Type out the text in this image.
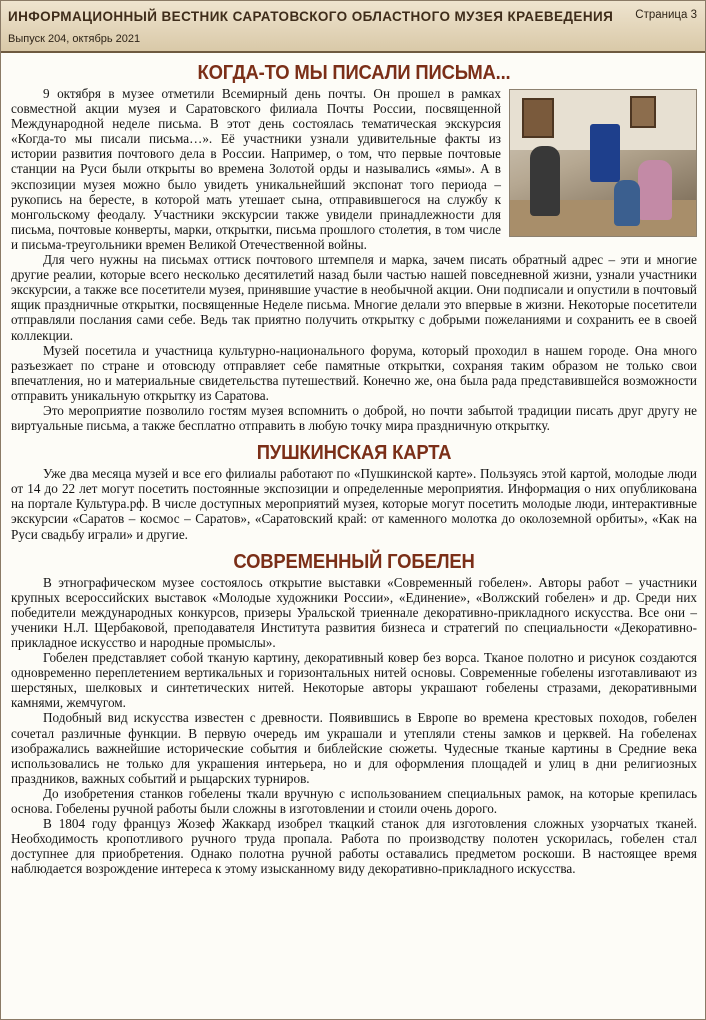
ИНФОРМАЦИОННЫЙ ВЕСТНИК САРАТОВСКОГО ОБЛАСТНОГО МУЗЕЯ КРАЕВЕДЕНИЯ
Выпуск 204, октябрь 2021
Страница 3
КОГДА-ТО МЫ ПИСАЛИ ПИСЬМА...

9 октября в музее отметили Всемирный день почты. Он прошел в рамках совместной акции музея и Саратовского филиала Почты России, посвященной Международной неделе письма. В этот день состоялась тематическая экскурсия «Когда-то мы писали письма…». Её участники узнали удивительные факты из истории развития почтового дела в России. Например, о том, что первые почтовые станции на Руси были открыты во времена Золотой орды и назывались «ямы». А в экспозиции музея можно было увидеть уникальнейший экспонат того периода – рукопись на бересте, в которой мать утешает сына, отправившегося на службу к монгольскому феодалу. Участники экскурсии также увидели принадлежности для письма, почтовые конверты, марки, открытки, письма прошлого столетия, в том числе и письма-треугольники времен Великой Отечественной войны.

Для чего нужны на письмах оттиск почтового штемпеля и марка, зачем писать обратный адрес – эти и многие другие реалии, которые всего несколько десятилетий назад были частью нашей повседневной жизни, узнали участники экскурсии, а также все посетители музея, принявшие участие в необычной акции. Они подписали и опустили в почтовый ящик праздничные открытки, посвященные Неделе письма. Многие делали это впервые в жизни. Некоторые посетители отправляли послания сами себе. Ведь так приятно получить открытку с добрыми пожеланиями и сохранить ее в своей коллекции.

Музей посетила и участница культурно-национального форума, который проходил в нашем городе. Она много разъезжает по стране и отовсюду отправляет себе памятные открытки, сохраняя таким образом не только свои впечатления, но и материальные свидетельства путешествий. Конечно же, она была рада представившейся возможности отправить уникальную открытку из Саратова.

Это мероприятие позволило гостям музея вспомнить о доброй, но почти забытой традиции писать друг другу не виртуальные письма, а также бесплатно отправить в любую точку мира праздничную открытку.

ПУШКИНСКАЯ КАРТА

Уже два месяца музей и все его филиалы работают по «Пушкинской карте». Пользуясь этой картой, молодые люди от 14 до 22 лет могут посетить постоянные экспозиции и определенные мероприятия. Информация о них опубликована на портале Культура.рф. В числе доступных мероприятий музея, которые могут посетить молодые люди, интерактивные экскурсии «Саратов – космос – Саратов», «Саратовский край: от каменного молотка до околоземной орбиты», «Как на Руси свадьбу играли» и другие.

СОВРЕМЕННЫЙ ГОБЕЛЕН

В этнографическом музее состоялось открытие выставки «Современный гобелен». Авторы работ – участники крупных всероссийских выставок «Молодые художники России», «Единение», «Волжский гобелен» и др. Среди них победители международных конкурсов, призеры Уральской триеннале декоративно-прикладного искусства. Все они – ученики Н.Л. Щербаковой, преподавателя Института развития бизнеса и стратегий по специальности «Декоративно-прикладное искусство и народные промыслы».

Гобелен представляет собой тканую картину, декоративный ковер без ворса. Тканое полотно и рисунок создаются одновременно переплетением вертикальных и горизонтальных нитей основы. Современные гобелены изготавливают из шерстяных, шелковых и синтетических нитей. Некоторые авторы украшают гобелены стразами, декоративными камнями, жемчугом.

Подобный вид искусства известен с древности. Появившись в Европе во времена крестовых походов, гобелен сочетал различные функции. В первую очередь им украшали и утепляли стены замков и церквей. На гобеленах изображались важнейшие исторические события и библейские сюжеты. Чудесные тканые картины в Средние века использовались не только для украшения интерьера, но и для оформления площадей и улиц в дни религиозных праздников, важных событий и рыцарских турниров.

До изобретения станков гобелены ткали вручную с использованием специальных рамок, на которые крепилась основа. Гобелены ручной работы были сложны в изготовлении и стоили очень дорого.

В 1804 году француз Жозеф Жаккард изобрел ткацкий станок для изготовления сложных узорчатых тканей. Необходимость кропотливого ручного труда пропала. Работа по производству полотен ускорилась, гобелен стал доступнее для приобретения. Однако полотна ручной работы оставались предметом роскоши. В настоящее время наблюдается возрождение интереса к этому изысканному виду декоративно-прикладного искусства.
